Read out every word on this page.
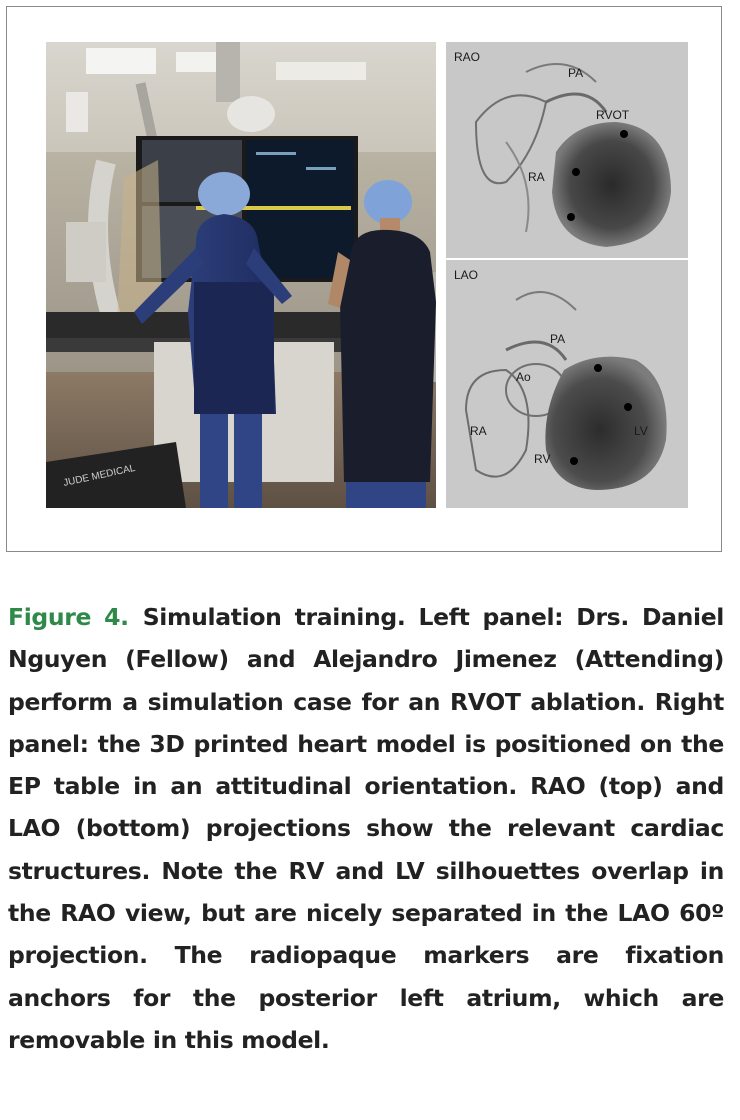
JUDE MEDICAL
RAO
PA
RVOT
RA
LAO
PA
Ao
RA
RV
LV

Figure 4. Simulation training. Left panel: Drs. Daniel Nguyen (Fellow) and Alejandro Jimenez (Attending) perform a simulation case for an RVOT ablation. Right panel: the 3D printed heart model is positioned on the EP table in an attitudinal orientation. RAO (top) and LAO (bottom) projections show the relevant cardiac structures. Note the RV and LV silhouettes overlap in the RAO view, but are nicely separated in the LAO 60º projection. The radiopaque markers are fixation anchors for the posterior left atrium, which are removable in this model.
